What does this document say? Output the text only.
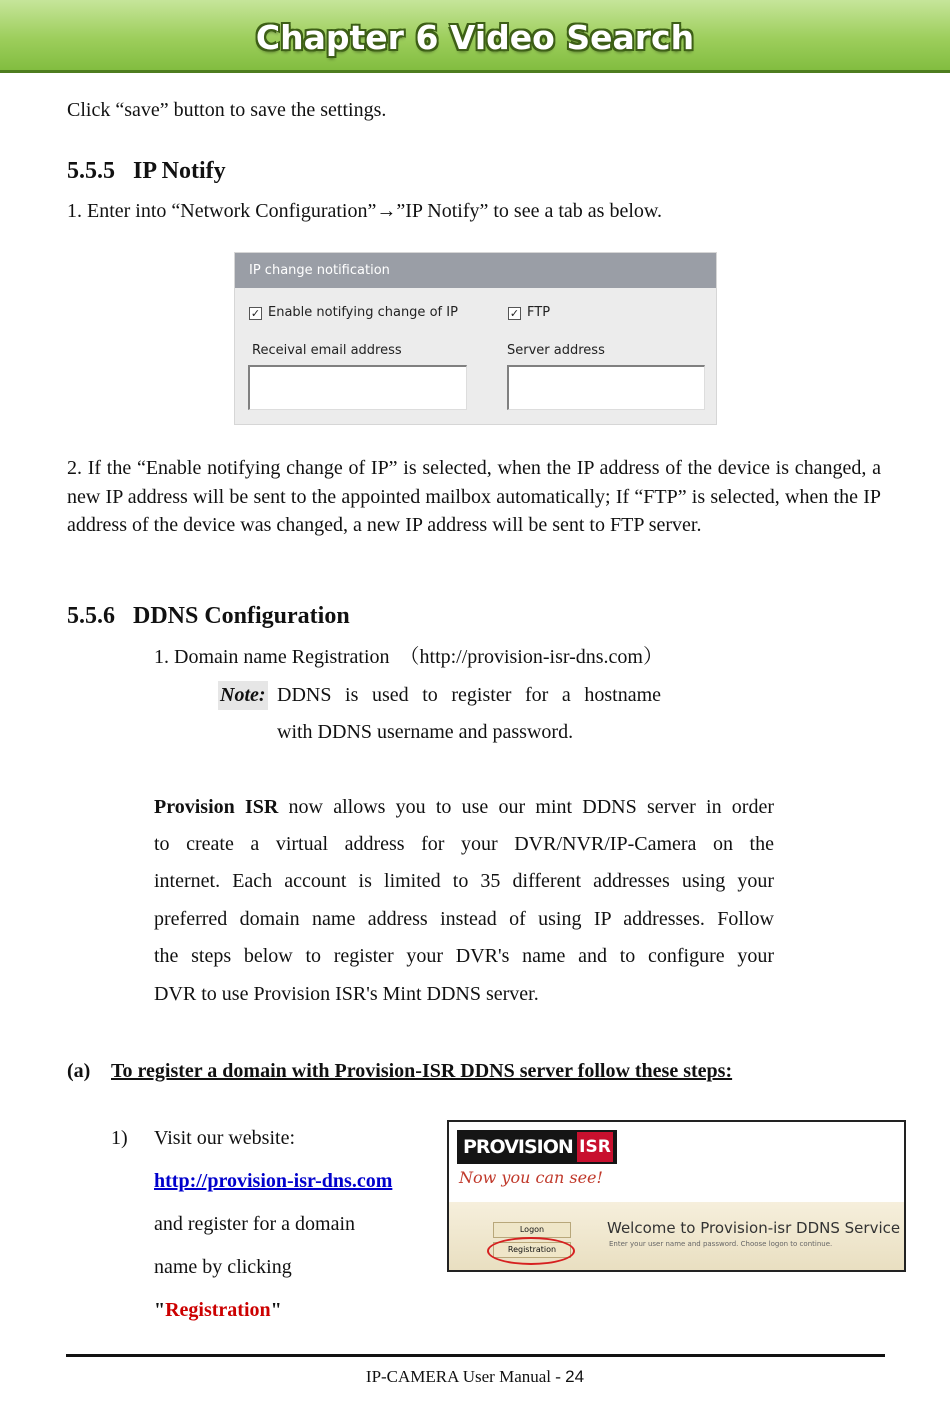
Chapter 6 Video Search
Click “save” button to save the settings.
5.5.5   IP Notify
1. Enter into “Network Configuration”→”IP Notify” to see a tab as below.
IP change notification
✓ Enable notifying change of IP	✓ FTP
Receival email address	Server address
2. If the “Enable notifying change of IP” is selected, when the IP address of the device is changed, a new IP address will be sent to the appointed mailbox automatically; If “FTP” is selected, when the IP address of the device was changed, a new IP address will be sent to FTP server.
5.5.6   DDNS Configuration
1. Domain name Registration　（http://provision-isr-dns.com）
Note: DDNS is used to register for a hostname
with DDNS username and password.
Provision ISR now allows you to use our mint DDNS server in order
to create a virtual address for your DVR/NVR/IP-Camera on the
internet. Each account is limited to 35 different addresses using your
preferred domain name address instead of using IP addresses. Follow
the steps below to register your DVR's name and to configure your
DVR to use Provision ISR's Mint DDNS server.
(a) To register a domain with Provision-ISR DDNS server follow these steps:
1) Visit our website:
http://provision-isr-dns.com
and register for a domain
name by clicking
"Registration"
PROVISION ISR
Now you can see!
Logon
Registration
Welcome to Provision-isr DDNS Service
Enter your user name and password. Choose logon to continue.
IP-CAMERA User Manual - 24
